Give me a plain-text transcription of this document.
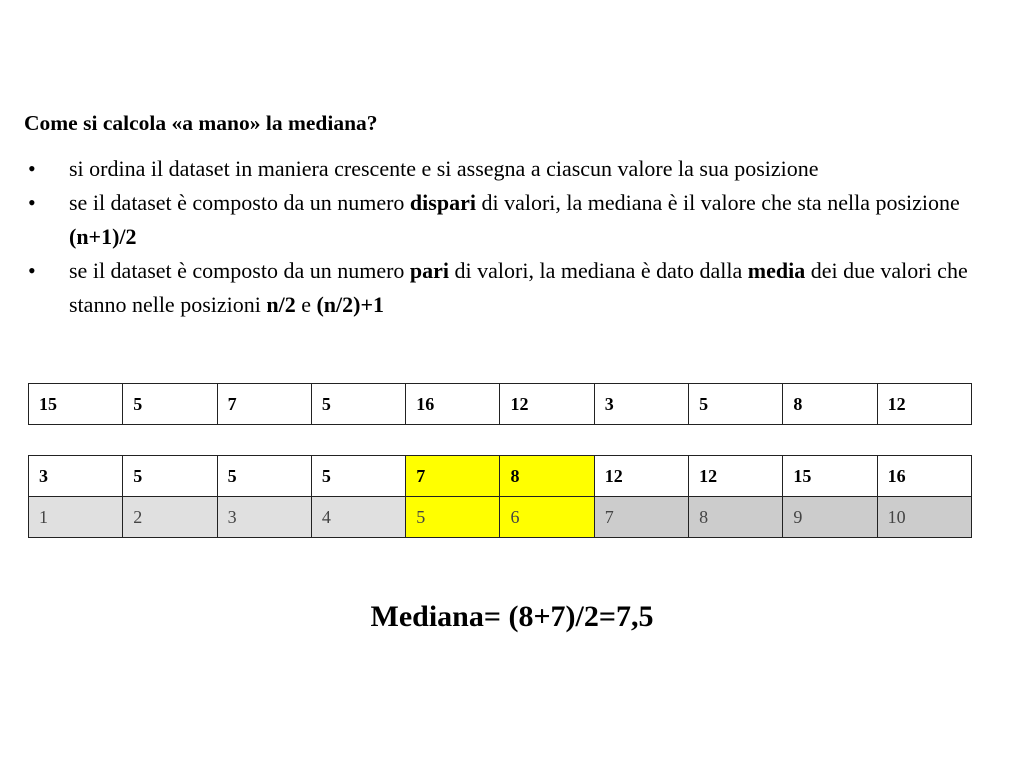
Come si calcola «a mano» la mediana?
•	si ordina il dataset in maniera crescente e si assegna a ciascun valore la sua posizione
•	se il dataset è composto da un numero dispari di valori, la mediana è il valore che sta nella posizione (n+1)/2
•	se il dataset è composto da un numero pari di valori, la mediana è dato dalla media dei due valori che stanno nelle posizioni n/2 e (n/2)+1
15	5	7	5	16	12	3	5	8	12
3	5	5	5	7	8	12	12	15	16
1	2	3	4	5	6	7	8	9	10

Mediana= (8+7)/2=7,5
